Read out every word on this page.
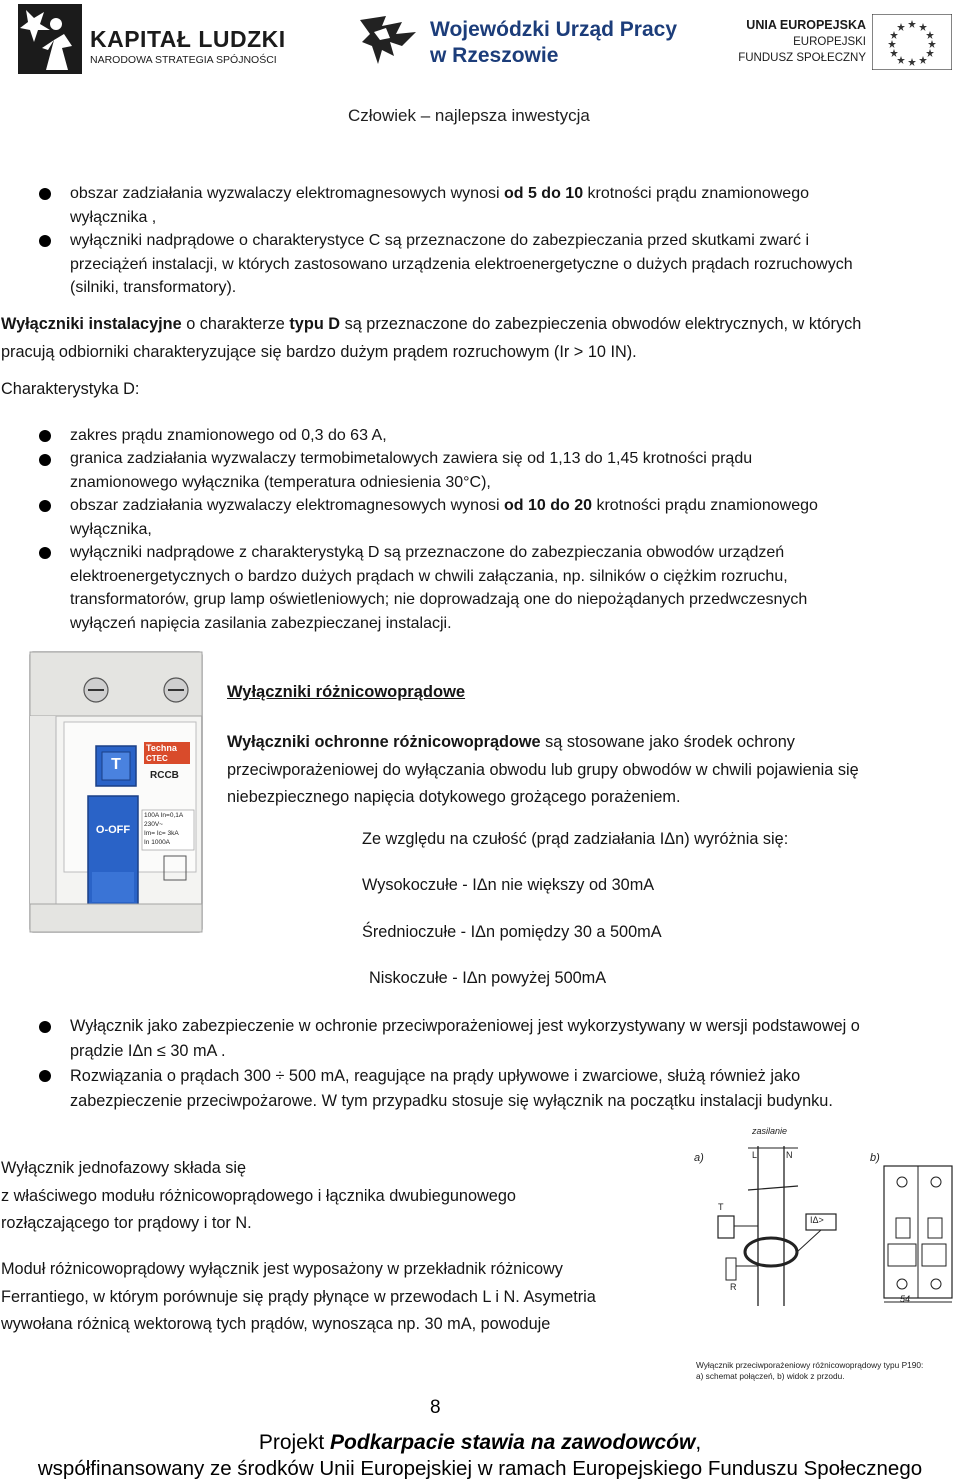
KAPITAŁ LUDZKI
NARODOWA STRATEGIA SPÓJNOŚCI
Wojewódzki Urząd Pracy
w Rzeszowie
UNIA EUROPEJSKA
EUROPEJSKI
FUNDUSZ SPOŁECZNY
Człowiek – najlepsza inwestycja
obszar zadziałania wyzwalaczy elektromagnesowych wynosi od 5 do 10 krotności prądu znamionowego
wyłącznika ,
wyłączniki nadprądowe o charakterystyce C są przeznaczone do zabezpieczania przed skutkami zwarć i
przeciążeń instalacji, w których zastosowano urządzenia elektroenergetyczne o dużych prądach rozruchowych
(silniki, transformatory).
Wyłączniki instalacyjne o charakterze typu D są przeznaczone do zabezpieczenia obwodów elektrycznych, w których
pracują odbiorniki charakteryzujące się bardzo dużym prądem rozruchowym (Ir > 10 IN).
Charakterystyka D:
zakres prądu znamionowego od 0,3 do 63 A,
granica zadziałania wyzwalaczy termobimetalowych zawiera się od 1,13 do 1,45 krotności prądu
znamionowego wyłącznika (temperatura odniesienia 30°C),
obszar zadziałania wyzwalaczy elektromagnesowych wynosi od 10 do 20 krotności prądu znamionowego
wyłącznika,
wyłączniki nadprądowe z charakterystyką D są przeznaczone do zabezpieczania obwodów urządzeń
elektroenergetycznych o bardzo dużych prądach w chwili załączania, np. silników o ciężkim rozruchu,
transformatorów, grup lamp oświetleniowych; nie doprowadzają one do niepożądanych przedwczesnych
wyłączeń napięcia zasilania zabezpieczanej instalacji.
T
Techna
CTEC
RCCB
100A In=0,1A
230V~
Im= Ic= 3kA
In 1000A
O-OFF
Wyłączniki różnicowoprądowe
Wyłączniki ochronne różnicowoprądowe są stosowane jako środek ochrony
przeciwporażeniowej do wyłączania obwodu lub grupy obwodów w chwili pojawienia się
niebezpiecznego napięcia dotykowego grożącego porażeniem.
Ze względu na czułość (prąd zadziałania IΔn) wyróżnia się:
Wysokoczułe - IΔn nie większy od 30mA
Średnioczułe - IΔn pomiędzy 30 a 500mA
Niskoczułe - IΔn powyżej 500mA
Wyłącznik jako zabezpieczenie w ochronie przeciwporażeniowej jest wykorzystywany w wersji podstawowej o
prądzie IΔn ≤ 30 mA .
Rozwiązania o prądach 300 ÷ 500 mA, reagujące na prądy upływowe i zwarciowe, służą również jako
zabezpieczenie przeciwpożarowe. W tym przypadku stosuje się wyłącznik na początku instalacji budynku.
Wyłącznik jednofazowy składa się
z właściwego modułu różnicowoprądowego i łącznika dwubiegunowego
rozłączającego tor prądowy i tor N.
Moduł różnicowoprądowy wyłącznik jest wyposażony w przekładnik różnicowy
Ferrantiego, w którym porównuje się prądy płynące w przewodach L i N. Asymetria
wywołana różnicą wektorową tych prądów, wynosząca np. 30 mA, powoduje
zasilanie
a)	b)
L	N
T
IΔ>
R
54
Wyłącznik przeciwporażeniowy różnicowoprądowy typu P190:
a) schemat połączeń, b) widok z przodu.
8
Projekt Podkarpacie stawia na zawodowców,
współfinansowany ze środków Unii Europejskiej w ramach Europejskiego Funduszu Społecznego
